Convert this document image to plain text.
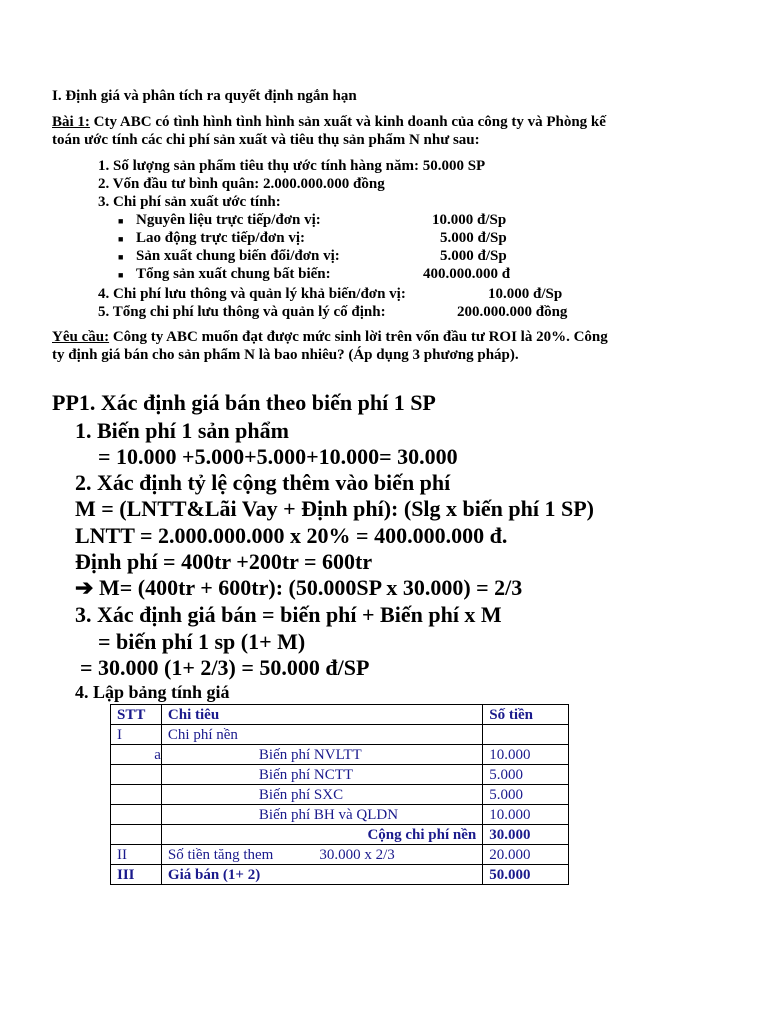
I. Định giá và phân tích ra quyết định ngắn hạn
Bài 1: Cty ABC có tình hình tình hình sản xuất và kinh doanh của công ty và Phòng kế
toán ước tính các chi phí sản xuất và tiêu thụ sản phẩm N như sau:
1. Số lượng sản phẩm tiêu thụ ước tính hàng năm: 50.000 SP
2. Vốn đầu tư bình quân: 2.000.000.000 đồng
3. Chi phí sản xuất ước tính:
■ Nguyên liệu trực tiếp/đơn vị:	10.000 đ/Sp
■ Lao động trực tiếp/đơn vị:	5.000 đ/Sp
■ Sản xuất chung biến đổi/đơn vị:	5.000 đ/Sp
■ Tổng sản xuất chung bất biến:	400.000.000 đ
4. Chi phí lưu thông và quản lý khả biến/đơn vị:	10.000 đ/Sp
5. Tổng chi phí lưu thông và quản lý cố định:	200.000.000 đồng
Yêu cầu: Công ty ABC muốn đạt được mức sinh lời trên vốn đầu tư ROI là 20%. Công
ty định giá bán cho sản phẩm N là bao nhiêu? (Áp dụng 3 phương pháp).
PP1. Xác định giá bán theo biến phí 1 SP
1. Biến phí 1 sản phẩm
= 10.000 +5.000+5.000+10.000= 30.000
2. Xác định tỷ lệ cộng thêm vào biến phí
M = (LNTT&Lãi Vay + Định phí): (Slg x biến phí 1 SP)
LNTT = 2.000.000.000 x 20% = 400.000.000 đ.
Định phí = 400tr +200tr = 600tr
➔ M= (400tr + 600tr): (50.000SP x 30.000) = 2/3
3. Xác định giá bán = biến phí + Biến phí x M
= biến phí 1 sp (1+ M)
= 30.000 (1+ 2/3) = 50.000 đ/SP
4. Lập bảng tính giá
STT	Chi tiêu	Số tiền
I	Chi phí nền	
a	Biến phí NVLTT	10.000
	Biến phí NCTT	5.000
	Biến phí SXC	5.000
	Biến phí BH và QLDN	10.000
	Cộng chi phí nền	30.000
II	Số tiền tăng them 30.000 x 2/3	20.000
III	Giá bán (1+ 2)	50.000
